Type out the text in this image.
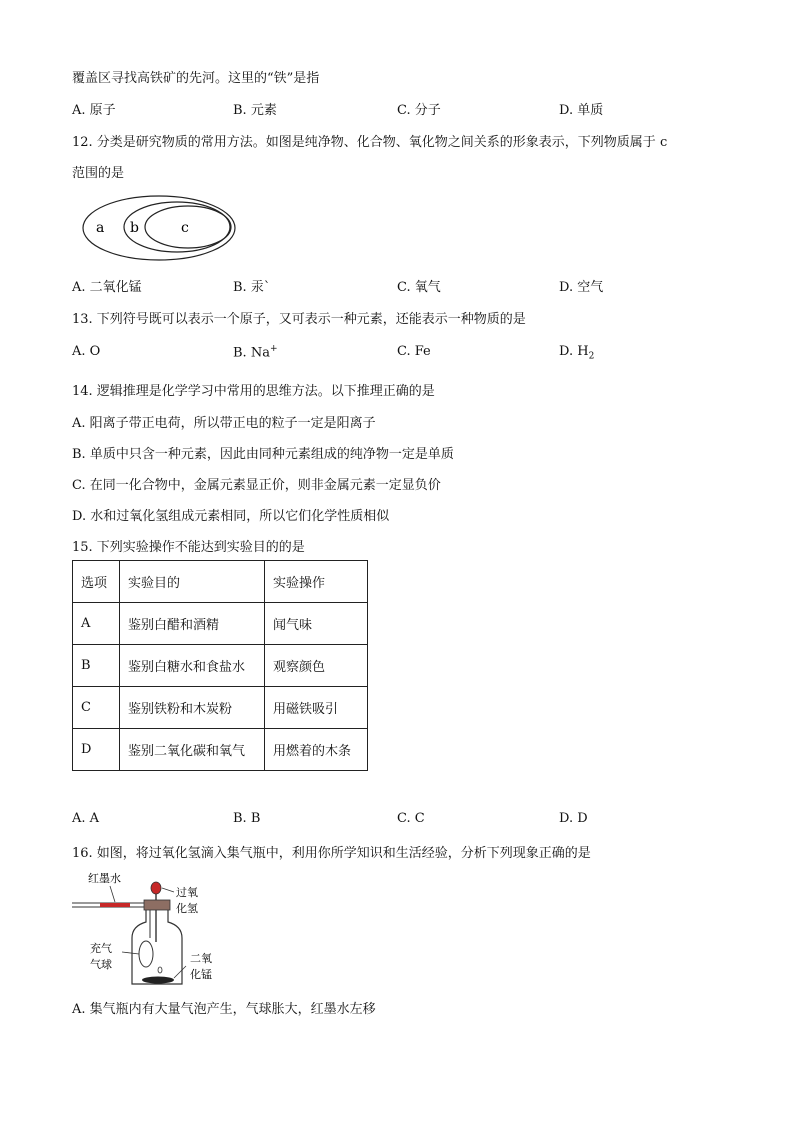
覆盖区寻找高铁矿的先河。这里的“铁”是指
A. 原子	B. 元素	C. 分子	D. 单质
12. 分类是研究物质的常用方法。如图是纯净物、化合物、氧化物之间关系的形象表示，下列物质属于 c
范围的是
a b	c
A. 二氧化锰	B. 汞`	C. 氧气	D. 空气
13. 下列符号既可以表示一个原子，又可表示一种元素，还能表示一种物质的是
A. O	B. Na+	C. Fe	D. $H_2$
14. 逻辑推理是化学学习中常用的思维方法。以下推理正确的是
A. 阳离子带正电荷，所以带正电的粒子一定是阳离子
B. 单质中只含一种元素，因此由同种元素组成的纯净物一定是单质
C. 在同一化合物中，金属元素显正价，则非金属元素一定显负价
D. 水和过氧化氢组成元素相同，所以它们化学性质相似
15. 下列实验操作不能达到实验目的的是
选项	实验目的	实验操作
A	鉴别白醋和酒精	闻气味
B	鉴别白糖水和食盐水	观察颜色
C	鉴别铁粉和木炭粉	用磁铁吸引
D	鉴别二氧化碳和氧气	用燃着的木条
A. A	B. B	C. C	D. D
16. 如图，将过氧化氢滴入集气瓶中，利用你所学知识和生活经验，分析下列现象正确的是
红墨水
过氧
化氢
充气
气球	二氧
化锰
A. 集气瓶内有大量气泡产生，气球胀大，红墨水左移
